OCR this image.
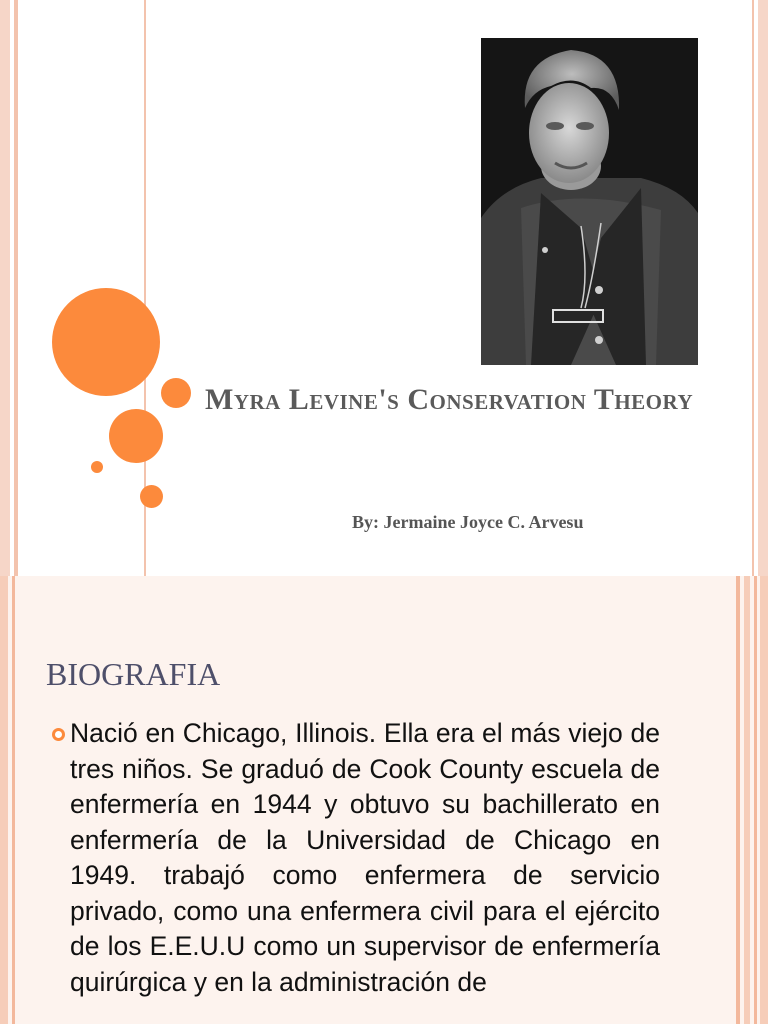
Myra Levine's Conservation Theory

By: Jermaine Joyce C. Arvesu

BIOGRAFIA

Nació en Chicago, Illinois. Ella era el más viejo de tres niños. Se graduó de Cook County escuela de enfermería en 1944 y obtuvo su bachillerato en enfermería de la Universidad de Chicago en 1949. trabajó como enfermera de servicio privado, como una enfermera civil para el ejército de los E.E.U.U como un supervisor de enfermería quirúrgica y en la administración de
